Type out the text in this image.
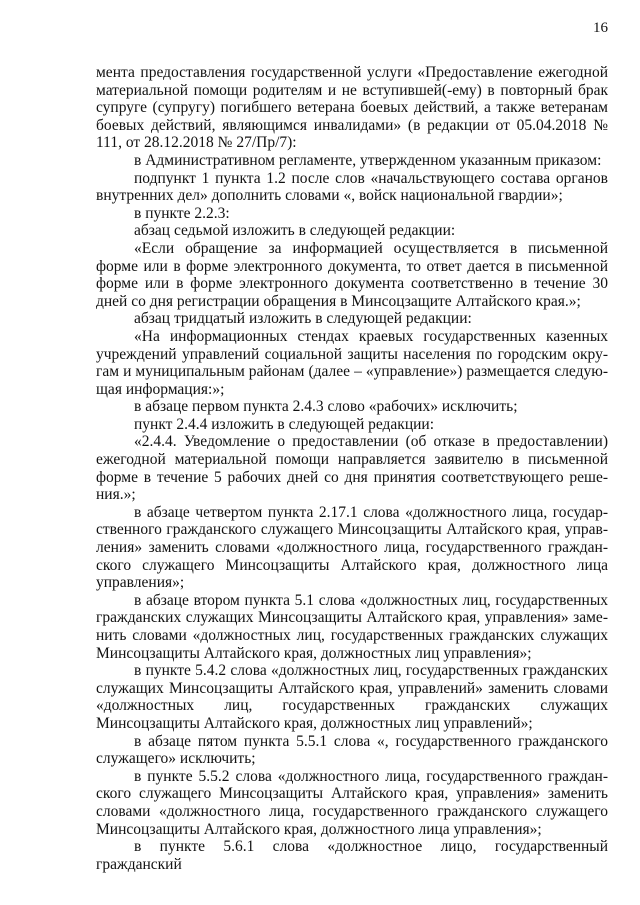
16

мента предоставления государственной услуги «Предоставление ежегодной материальной помощи родителям и не вступившей(-ему) в повторный брак супруге (супругу) погибшего ветерана боевых действий, а также ветеранам боевых действий, являющимся инвалидами» (в редакции от 05.04.2018 № 111, от 28.12.2018 № 27/Пр/7):

в Административном регламенте, утвержденном указанным приказом:

подпункт 1 пункта 1.2 после слов «начальствующего состава органов внутренних дел» дополнить словами «, войск национальной гвардии»;

в пункте 2.2.3:

абзац седьмой изложить в следующей редакции:

«Если обращение за информацией осуществляется в письменной форме или в форме электронного документа, то ответ дается в письменной форме или в форме электронного документа соответственно в течение 30 дней со дня регистрации обращения в Минсоцзащите Алтайского края.»;

абзац тридцатый изложить в следующей редакции:

«На информационных стендах краевых государственных казенных учреждений управлений социальной защиты населения по городским округам и муниципальным районам (далее – «управление») размещается следующая информация:»;

в абзаце первом пункта 2.4.3 слово «рабочих» исключить;

пункт 2.4.4 изложить в следующей редакции:

«2.4.4. Уведомление о предоставлении (об отказе в предоставлении) ежегодной материальной помощи направляется заявителю в письменной форме в течение 5 рабочих дней со дня принятия соответствующего решения.»;

в абзаце четвертом пункта 2.17.1 слова «должностного лица, государственного гражданского служащего Минсоцзащиты Алтайского края, управления» заменить словами «должностного лица, государственного гражданского служащего Минсоцзащиты Алтайского края, должностного лица управления»;

в абзаце втором пункта 5.1 слова «должностных лиц, государственных гражданских служащих Минсоцзащиты Алтайского края, управления» заменить словами «должностных лиц, государственных гражданских служащих Минсоцзащиты Алтайского края, должностных лиц управления»;

в пункте 5.4.2 слова «должностных лиц, государственных гражданских служащих Минсоцзащиты Алтайского края, управлений» заменить словами «должностных лиц, государственных гражданских служащих Минсоцзащиты Алтайского края, должностных лиц управлений»;

в абзаце пятом пункта 5.5.1 слова «, государственного гражданского служащего» исключить;

в пункте 5.5.2 слова «должностного лица, государственного гражданского служащего Минсоцзащиты Алтайского края, управления» заменить словами «должностного лица, государственного гражданского служащего Минсоцзащиты Алтайского края, должностного лица управления»;

в пункте 5.6.1 слова «должностное лицо, государственный гражданский
